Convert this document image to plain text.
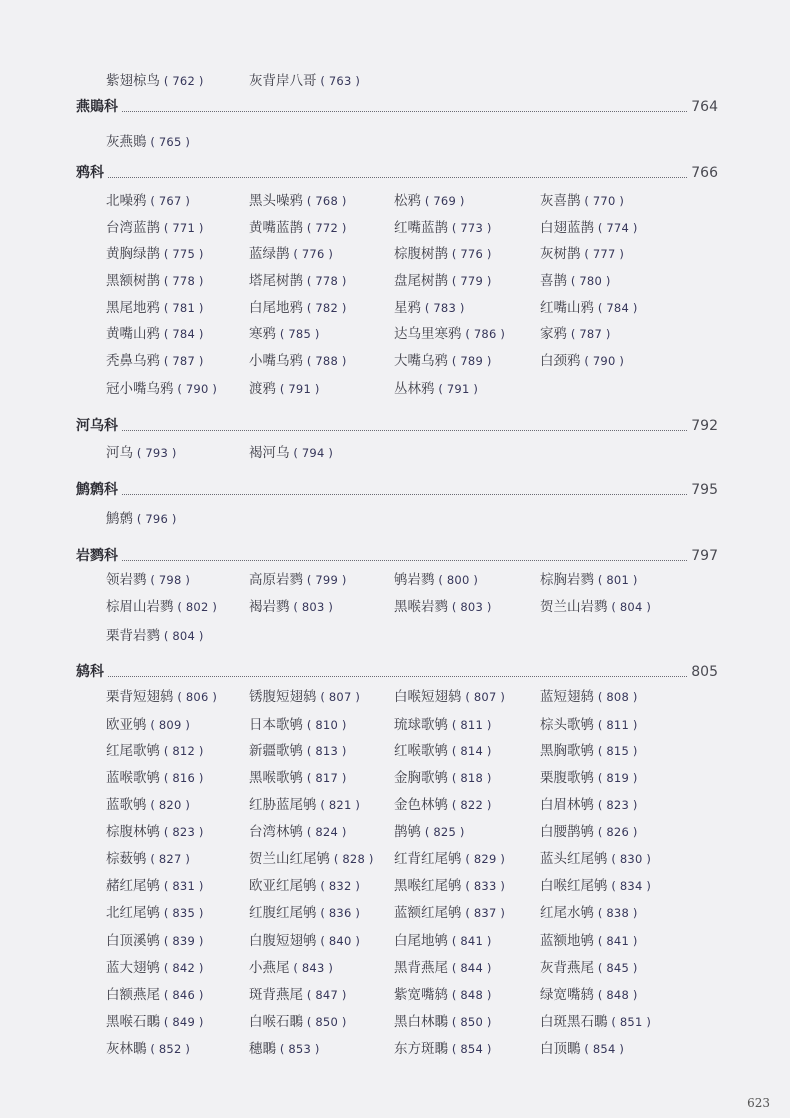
紫翅椋鸟 ( 762 )	灰背岸八哥 ( 763 )
燕鵙科	764
灰燕鵙 ( 765 )
鸦科	766
北噪鸦 ( 767 )	黑头噪鸦 ( 768 )	松鸦 ( 769 )	灰喜鹊 ( 770 )
台湾蓝鹊 ( 771 )	黄嘴蓝鹊 ( 772 )	红嘴蓝鹊 ( 773 )	白翅蓝鹊 ( 774 )
黄胸绿鹊 ( 775 )	蓝绿鹊 ( 776 )	棕腹树鹊 ( 776 )	灰树鹊 ( 777 )
黑额树鹊 ( 778 )	塔尾树鹊 ( 778 )	盘尾树鹊 ( 779 )	喜鹊 ( 780 )
黑尾地鸦 ( 781 )	白尾地鸦 ( 782 )	星鸦 ( 783 )	红嘴山鸦 ( 784 )
黄嘴山鸦 ( 784 )	寒鸦 ( 785 )	达乌里寒鸦 ( 786 )	家鸦 ( 787 )
秃鼻乌鸦 ( 787 )	小嘴乌鸦 ( 788 )	大嘴乌鸦 ( 789 )	白颈鸦 ( 790 )
冠小嘴乌鸦 ( 790 ) 渡鸦 ( 791 )	丛林鸦 ( 791 )
河乌科	792
河乌 ( 793 )	褐河乌 ( 794 )
鹪鹩科	795
鹪鹩 ( 796 )
岩鹨科	797
领岩鹨 ( 798 )	高原岩鹨 ( 799 )	鸲岩鹨 ( 800 )	棕胸岩鹨 ( 801 )
棕眉山岩鹨 ( 802 ) 褐岩鹨 ( 803 )	黑喉岩鹨 ( 803 )	贺兰山岩鹨 ( 804 )
栗背岩鹨 ( 804 )
鸫科	805
栗背短翅鸫 ( 806 ) 锈腹短翅鸫 ( 807 )	白喉短翅鸫 ( 807 )	蓝短翅鸫 ( 808 )
欧亚鸲 ( 809 )	日本歌鸲 ( 810 )	琉球歌鸲 ( 811 )	棕头歌鸲 ( 811 )
红尾歌鸲 ( 812 )	新疆歌鸲 ( 813 )	红喉歌鸲 ( 814 )	黑胸歌鸲 ( 815 )
蓝喉歌鸲 ( 816 )	黑喉歌鸲 ( 817 )	金胸歌鸲 ( 818 )	栗腹歌鸲 ( 819 )
蓝歌鸲 ( 820 )	红胁蓝尾鸲 ( 821 )	金色林鸲 ( 822 )	白眉林鸲 ( 823 )
棕腹林鸲 ( 823 )	台湾林鸲 ( 824 )	鹊鸲 ( 825 )	白腰鹊鸲 ( 826 )
棕薮鸲 ( 827 )	贺兰山红尾鸲 ( 828 ) 红背红尾鸲 ( 829 )	蓝头红尾鸲 ( 830 )
赭红尾鸲 ( 831 )	欧亚红尾鸲 ( 832 )	黑喉红尾鸲 ( 833 )	白喉红尾鸲 ( 834 )
北红尾鸲 ( 835 )	红腹红尾鸲 ( 836 )	蓝额红尾鸲 ( 837 )	红尾水鸲 ( 838 )
白顶溪鸲 ( 839 )	白腹短翅鸲 ( 840 )	白尾地鸲 ( 841 )	蓝额地鸲 ( 841 )
蓝大翅鸲 ( 842 )	小燕尾 ( 843 )	黑背燕尾 ( 844 )	灰背燕尾 ( 845 )
白额燕尾 ( 846 )	斑背燕尾 ( 847 )	紫宽嘴鸫 ( 848 )	绿宽嘴鸫 ( 848 )
黑喉石䳭 ( 849 )	白喉石䳭 ( 850 )	黑白林䳭 ( 850 )	白斑黑石䳭 ( 851 )
灰林䳭 ( 852 )	穗䳭 ( 853 )	东方斑䳭 ( 854 )	白顶䳭 ( 854 )
623
